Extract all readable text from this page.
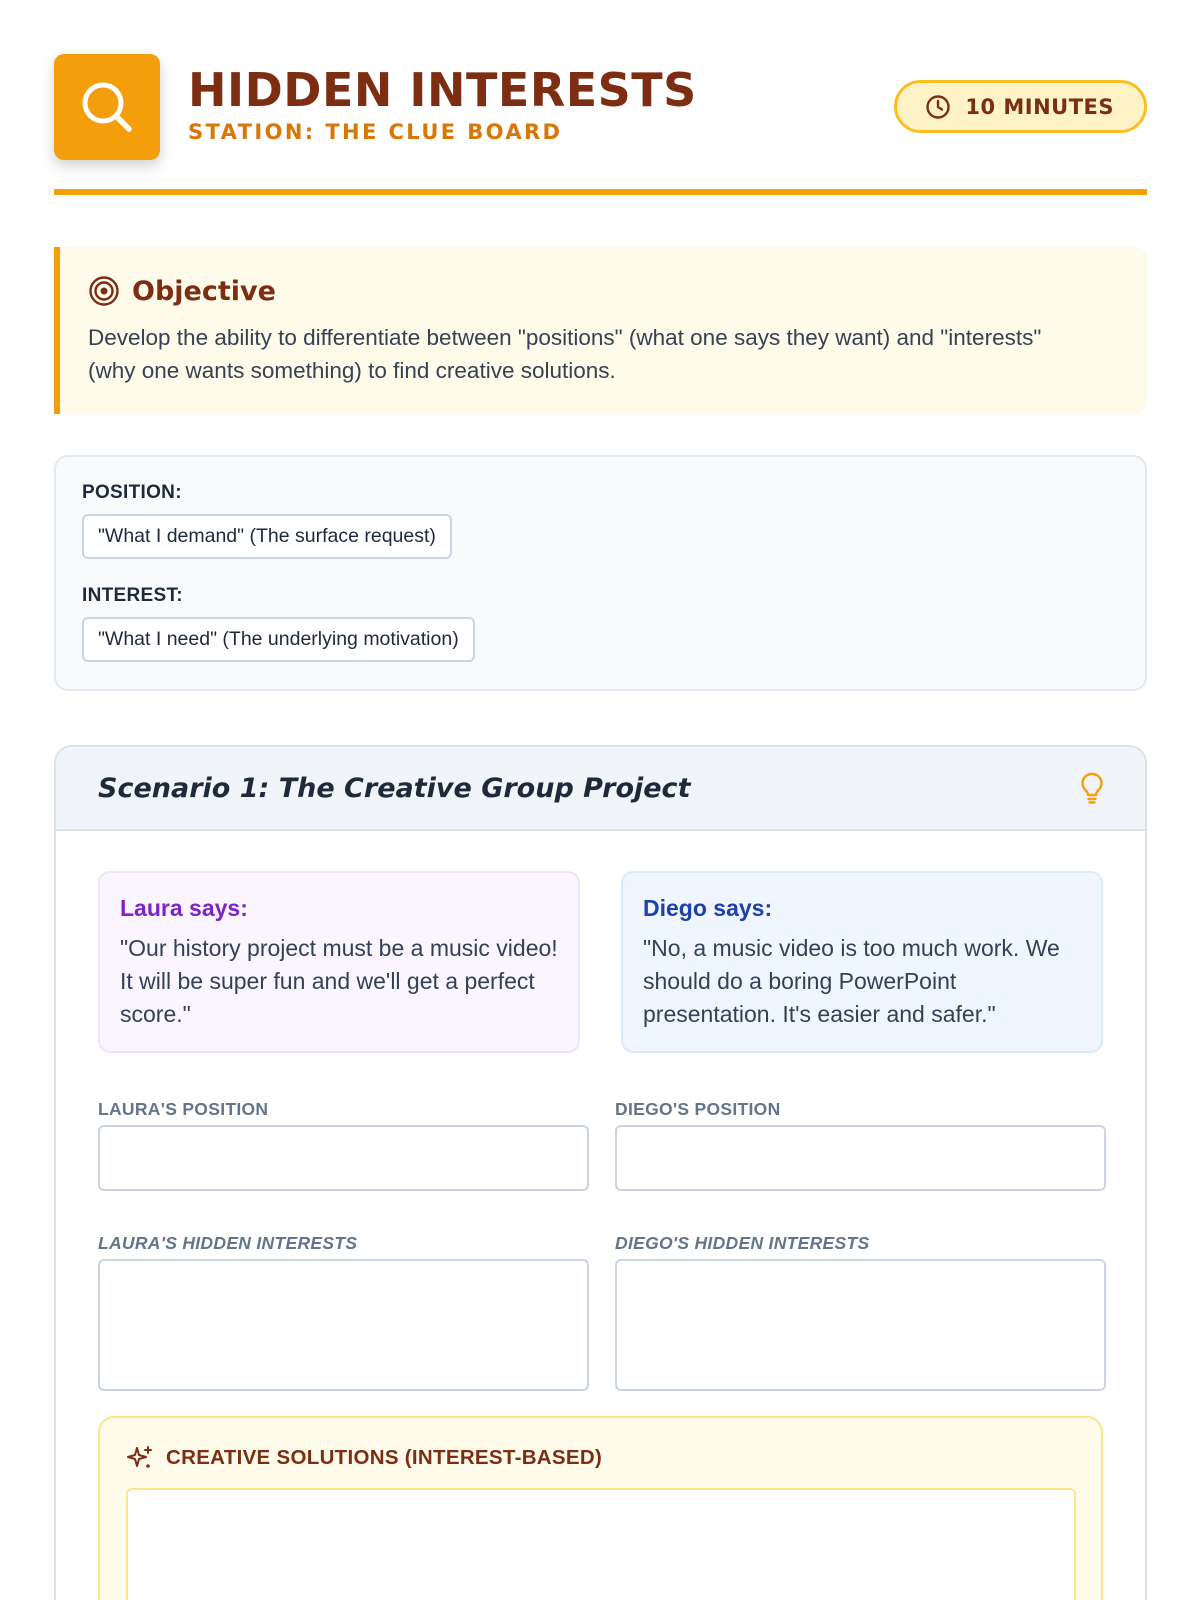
HIDDEN INTERESTS
STATION: THE CLUE BOARD
10 MINUTES
Objective

Develop the ability to differentiate between "positions" (what one says they want) and "interests" (why one wants something) to find creative solutions.

POSITION:
"What I demand" (The surface request)
INTEREST:
"What I need" (The underlying motivation)
Scenario 1: The Creative Group Project
Laura says:

"Our history project must be a music video! It will be super fun and we'll get a perfect score."

Diego says:

"No, a music video is too much work. We should do a boring PowerPoint presentation. It's easier and safer."

LAURA'S POSITION	DIEGO'S POSITION
LAURA'S HIDDEN INTERESTS	DIEGO'S HIDDEN INTERESTS
CREATIVE SOLUTIONS (INTEREST-BASED)
